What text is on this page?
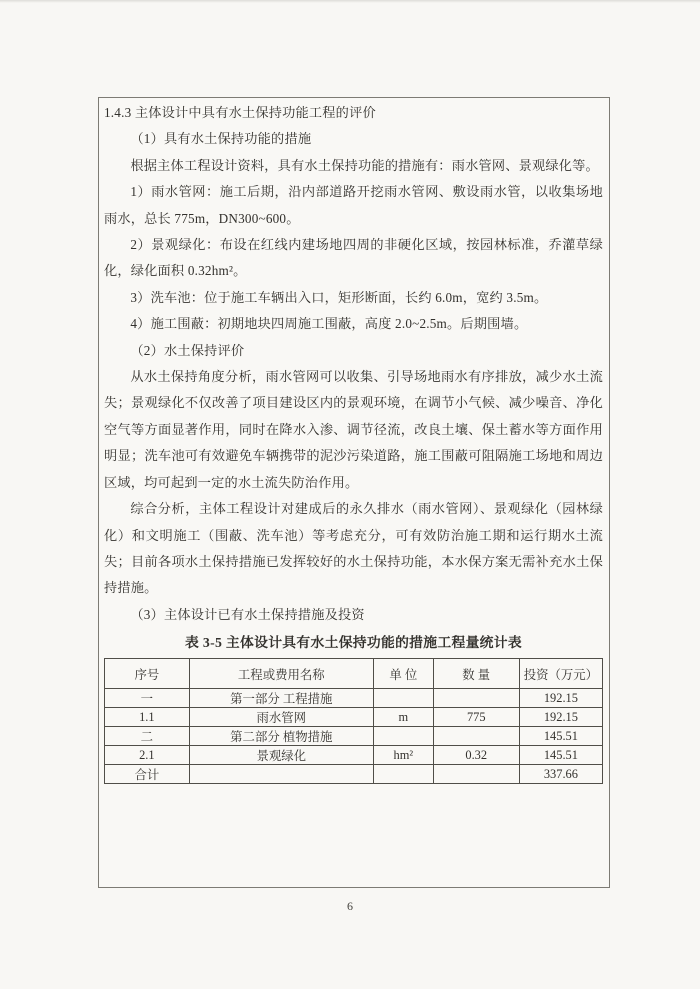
1.4.3 主体设计中具有水土保持功能工程的评价

（1）具有水土保持功能的措施

根据主体工程设计资料，具有水土保持功能的措施有：雨水管网、景观绿化等。

1）雨水管网：施工后期，沿内部道路开挖雨水管网、敷设雨水管，以收集场地 雨水，总长 775m，DN300~600。

2）景观绿化：布设在红线内建场地四周的非硬化区域，按园林标准，乔灌草绿 化，绿化面积 0.32hm²。

3）洗车池：位于施工车辆出入口，矩形断面，长约 6.0m，宽约 3.5m。

4）施工围蔽：初期地块四周施工围蔽，高度 2.0~2.5m。后期围墙。

（2）水土保持评价

从水土保持角度分析，雨水管网可以收集、引导场地雨水有序排放，减少水土流失；景观绿化不仅改善了项目建设区内的景观环境，在调节小气候、减少噪音、净化空气等方面显著作用，同时在降水入渗、调节径流，改良土壤、保土蓄水等方面作用明显；洗车池可有效避免车辆携带的泥沙污染道路，施工围蔽可阻隔施工场地和周边区域，均可起到一定的水土流失防治作用。

综合分析，主体工程设计对建成后的永久排水（雨水管网）、景观绿化（园林绿化）和文明施工（围蔽、洗车池）等考虑充分，可有效防治施工期和运行期水土流失；目前各项水土保持措施已发挥较好的水土保持功能，本水保方案无需补充水土保持措施。

（3）主体设计已有水土保持措施及投资

表 3-5 主体设计具有水土保持功能的措施工程量统计表

序号	工程或费用名称	单 位	数 量	投资（万元）
一	第一部分 工程措施			192.15
1.1	雨水管网	m	775	192.15
二	第二部分 植物措施			145.51
2.1	景观绿化	hm²	0.32	145.51
合计				337.66
6
